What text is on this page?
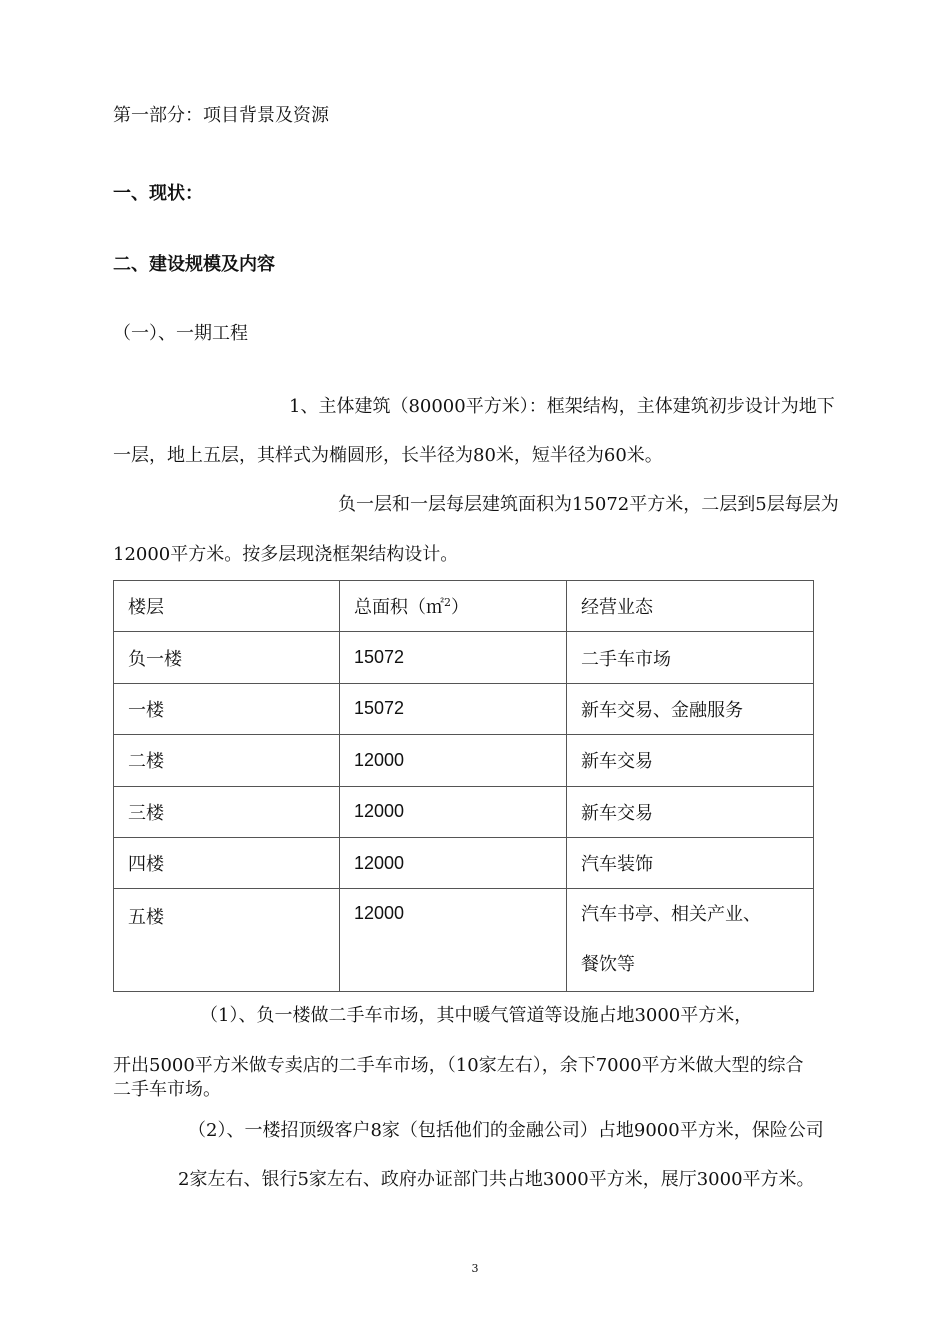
第一部分：项目背景及资源
一、现状：
二、建设规模及内容
（一）、一期工程
1、主体建筑（80000平方米）：框架结构，主体建筑初步设计为地下
一层，地上五层，其样式为椭圆形，长半径为80米，短半径为60米。
负一层和一层每层建筑面积为15072平方米，二层到5层每层为
12000平方米。按多层现浇框架结构设计。
楼层	总面积（㎡$^2$）	经营业态
负一楼	15072	二手车市场
一楼	15072	新车交易、金融服务
二楼	12000	新车交易
三楼	12000	新车交易
四楼	12000	汽车装饰
五楼	12000	汽车书亭、相关产业、
餐饮等
（1）、负一楼做二手车市场，其中暖气管道等设施占地3000平方米，
开出5000平方米做专卖店的二手车市场，（10家左右），余下7000平方米做大型的综合
二手车市场。
（2）、一楼招顶级客户8家（包括他们的金融公司）占地9000平方米，保险公司
2家左右、银行5家左右、政府办证部门共占地3000平方米，展厅3000平方米。
3
